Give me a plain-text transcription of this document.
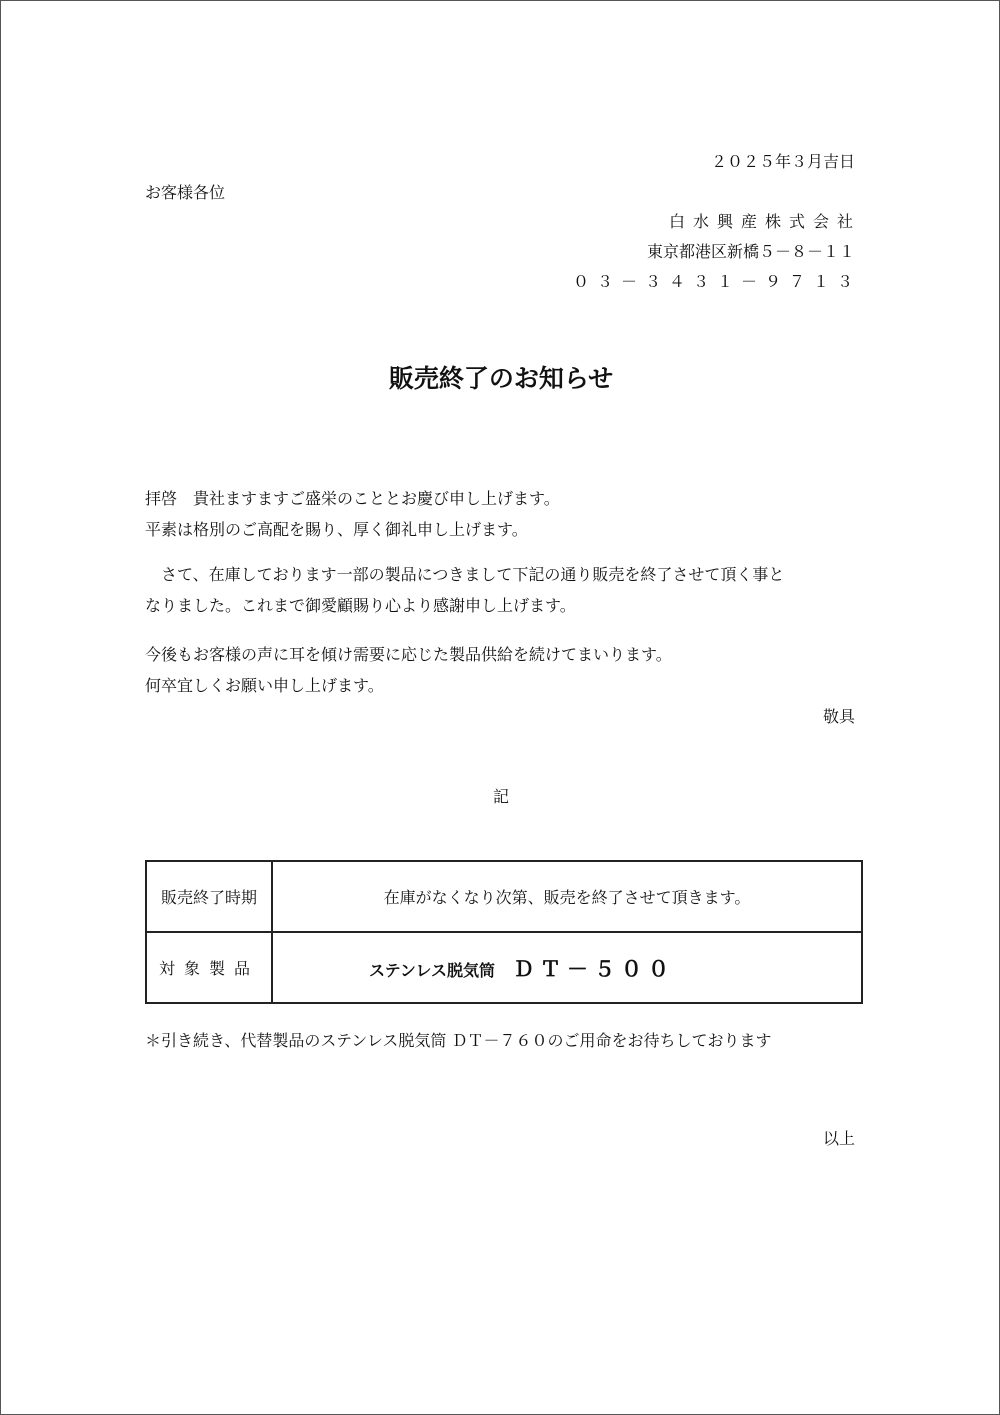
２０２５年３月吉日
お客様各位
白水興産株式会社
東京都港区新橋５－８－１１
０３－３４３１－９７１３
販売終了のお知らせ
拝啓　貴社ますますご盛栄のこととお慶び申し上げます。
平素は格別のご高配を賜り、厚く御礼申し上げます。
　さて、在庫しております一部の製品につきまして下記の通り販売を終了させて頂く事と
なりました。これまで御愛顧賜り心より感謝申し上げます。
今後もお客様の声に耳を傾け需要に応じた製品供給を続けてまいります。
何卒宜しくお願い申し上げます。
敬具
記
販売終了時期	在庫がなくなり次第、販売を終了させて頂きます。
対象製品	ステンレス脱気筒 ＤＴ－５００
＊引き続き、代替製品のステンレス脱気筒 ＤＴ－７６０のご用命をお待ちしております
以上
